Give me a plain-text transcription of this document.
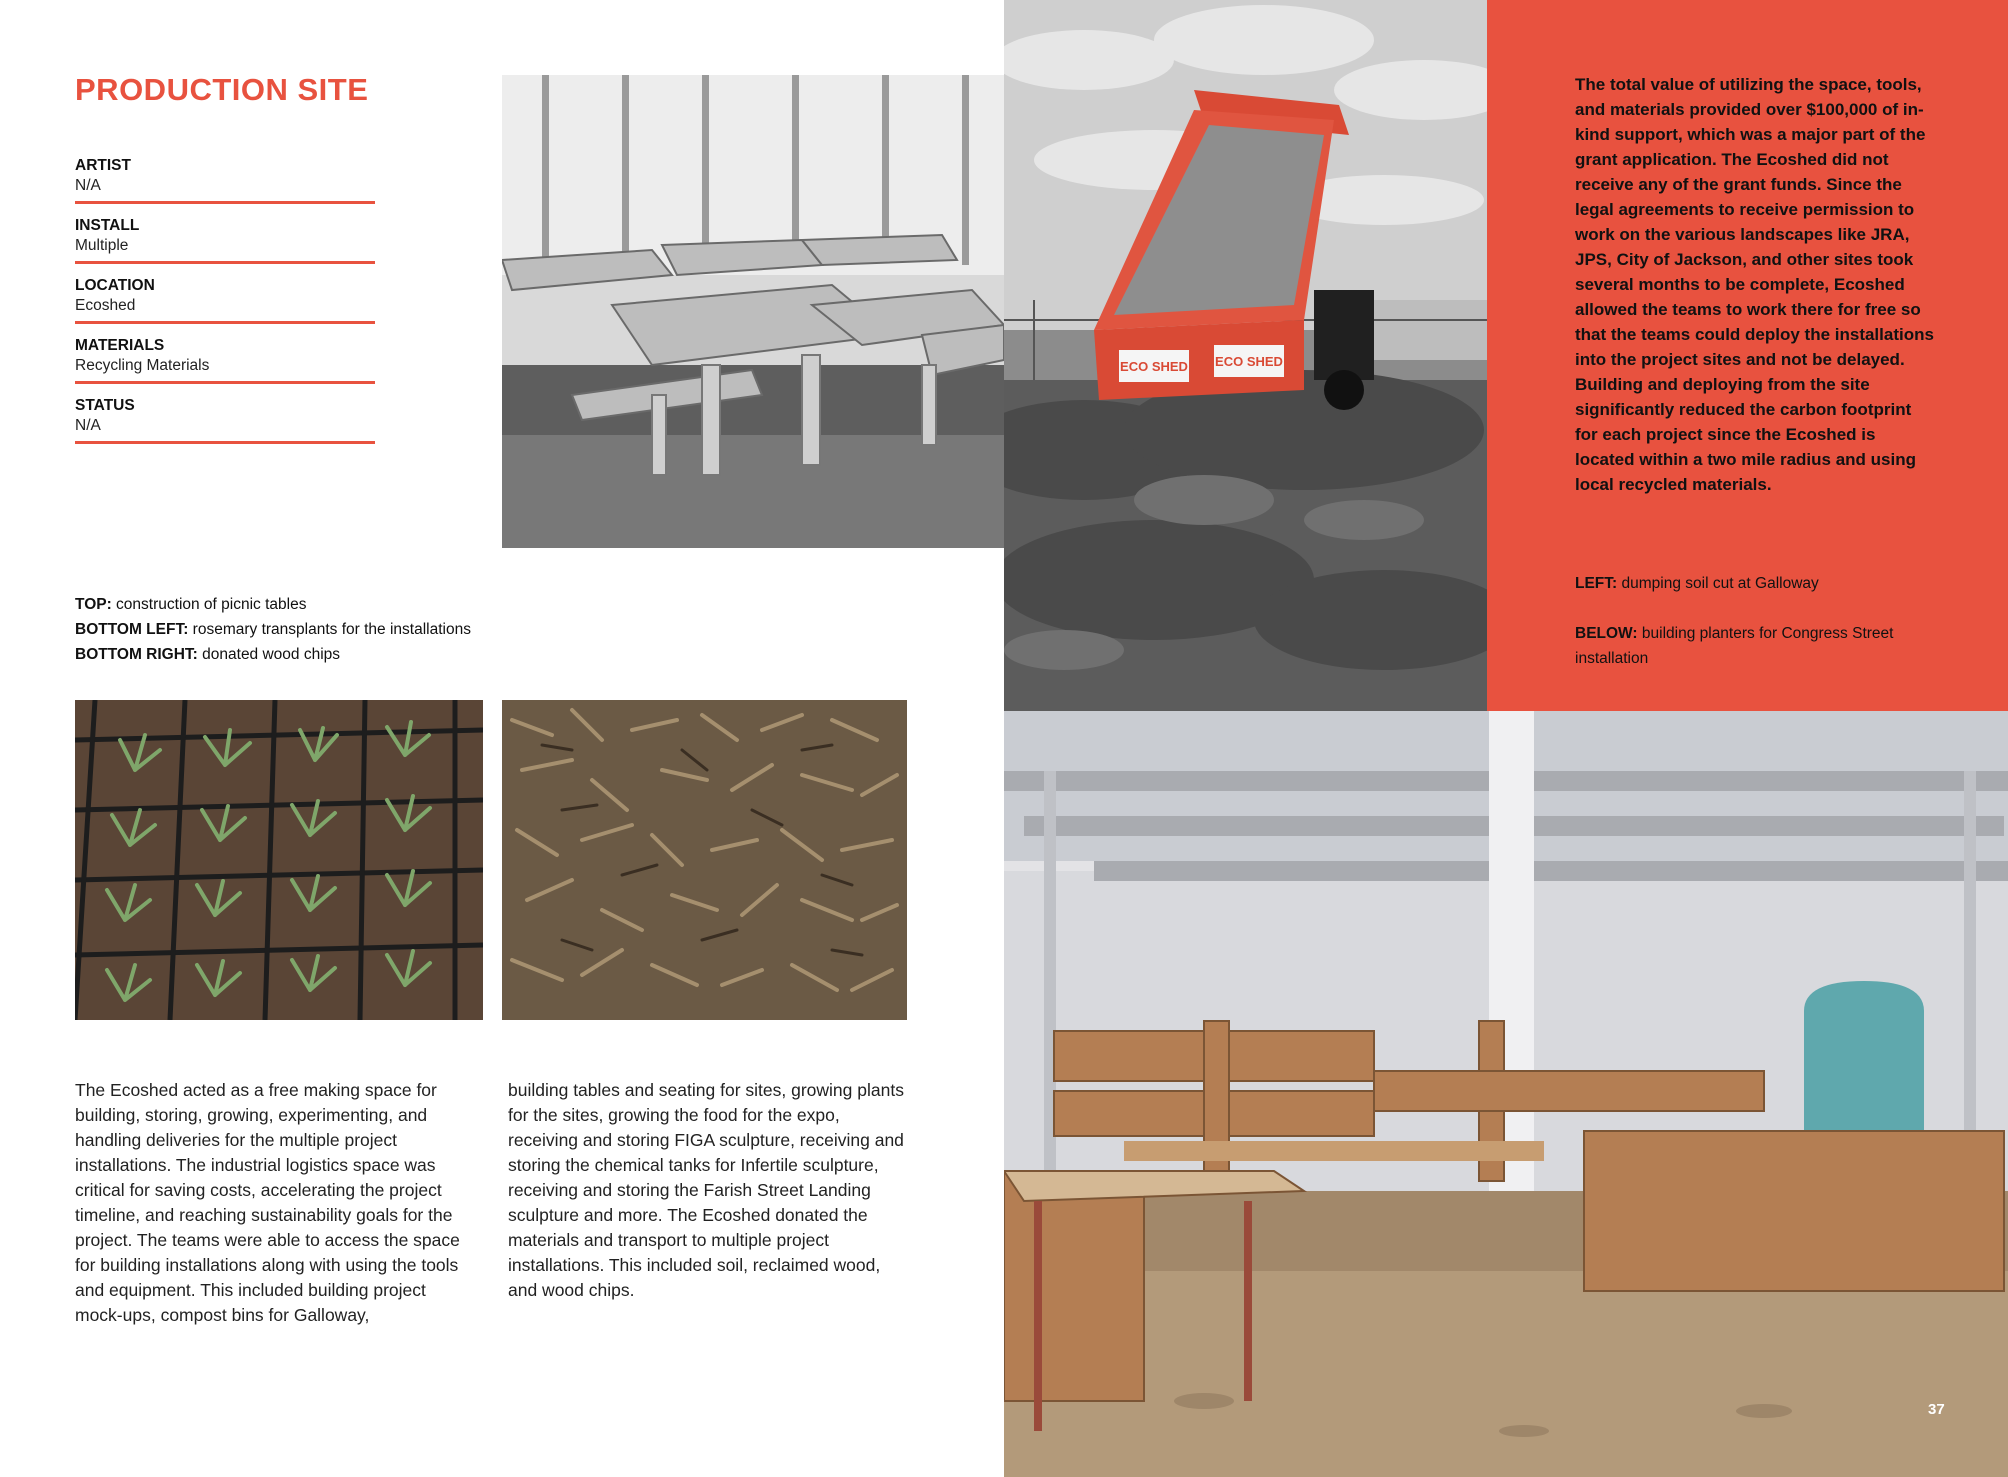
PRODUCTION SITE
ARTIST
N/A
INSTALL
Multiple
LOCATION
Ecoshed
MATERIALS
Recycling Materials
STATUS
N/A
TOP: construction of picnic tables
BOTTOM LEFT: rosemary transplants for the installations
BOTTOM RIGHT: donated wood chips
The Ecoshed acted as a free making space for building, storing, growing, experimenting, and handling deliveries for the multiple project installations. The industrial logistics space was critical for saving costs, accelerating the project timeline, and reaching sustainability goals for the project. The teams were able to access the space for building installations along with using the tools and equipment. This included building project mock-ups, compost bins for Galloway,
building tables and seating for sites, growing plants for the sites, growing the food for the expo, receiving and storing FIGA sculpture, receiving and storing the chemical tanks for Infertile sculpture, receiving and storing the Farish Street Landing sculpture and more. The Ecoshed donated the materials and transport to multiple project installations. This included soil, reclaimed wood, and wood chips.
ECO SHED ECO SHED
The total value of utilizing the space, tools, and materials provided over $100,000 of in-kind support, which was a major part of the grant application. The Ecoshed did not receive any of the grant funds. Since the legal agreements to receive permission to work on the various landscapes like JRA, JPS, City of Jackson, and other sites took several months to be complete, Ecoshed allowed the teams to work there for free so that the teams could deploy the installations into the project sites and not be delayed. Building and deploying from the site significantly reduced the carbon footprint for each project since the Ecoshed is located within a two mile radius and using local recycled materials.
LEFT: dumping soil cut at Galloway
BELOW: building planters for Congress Street installation
37
